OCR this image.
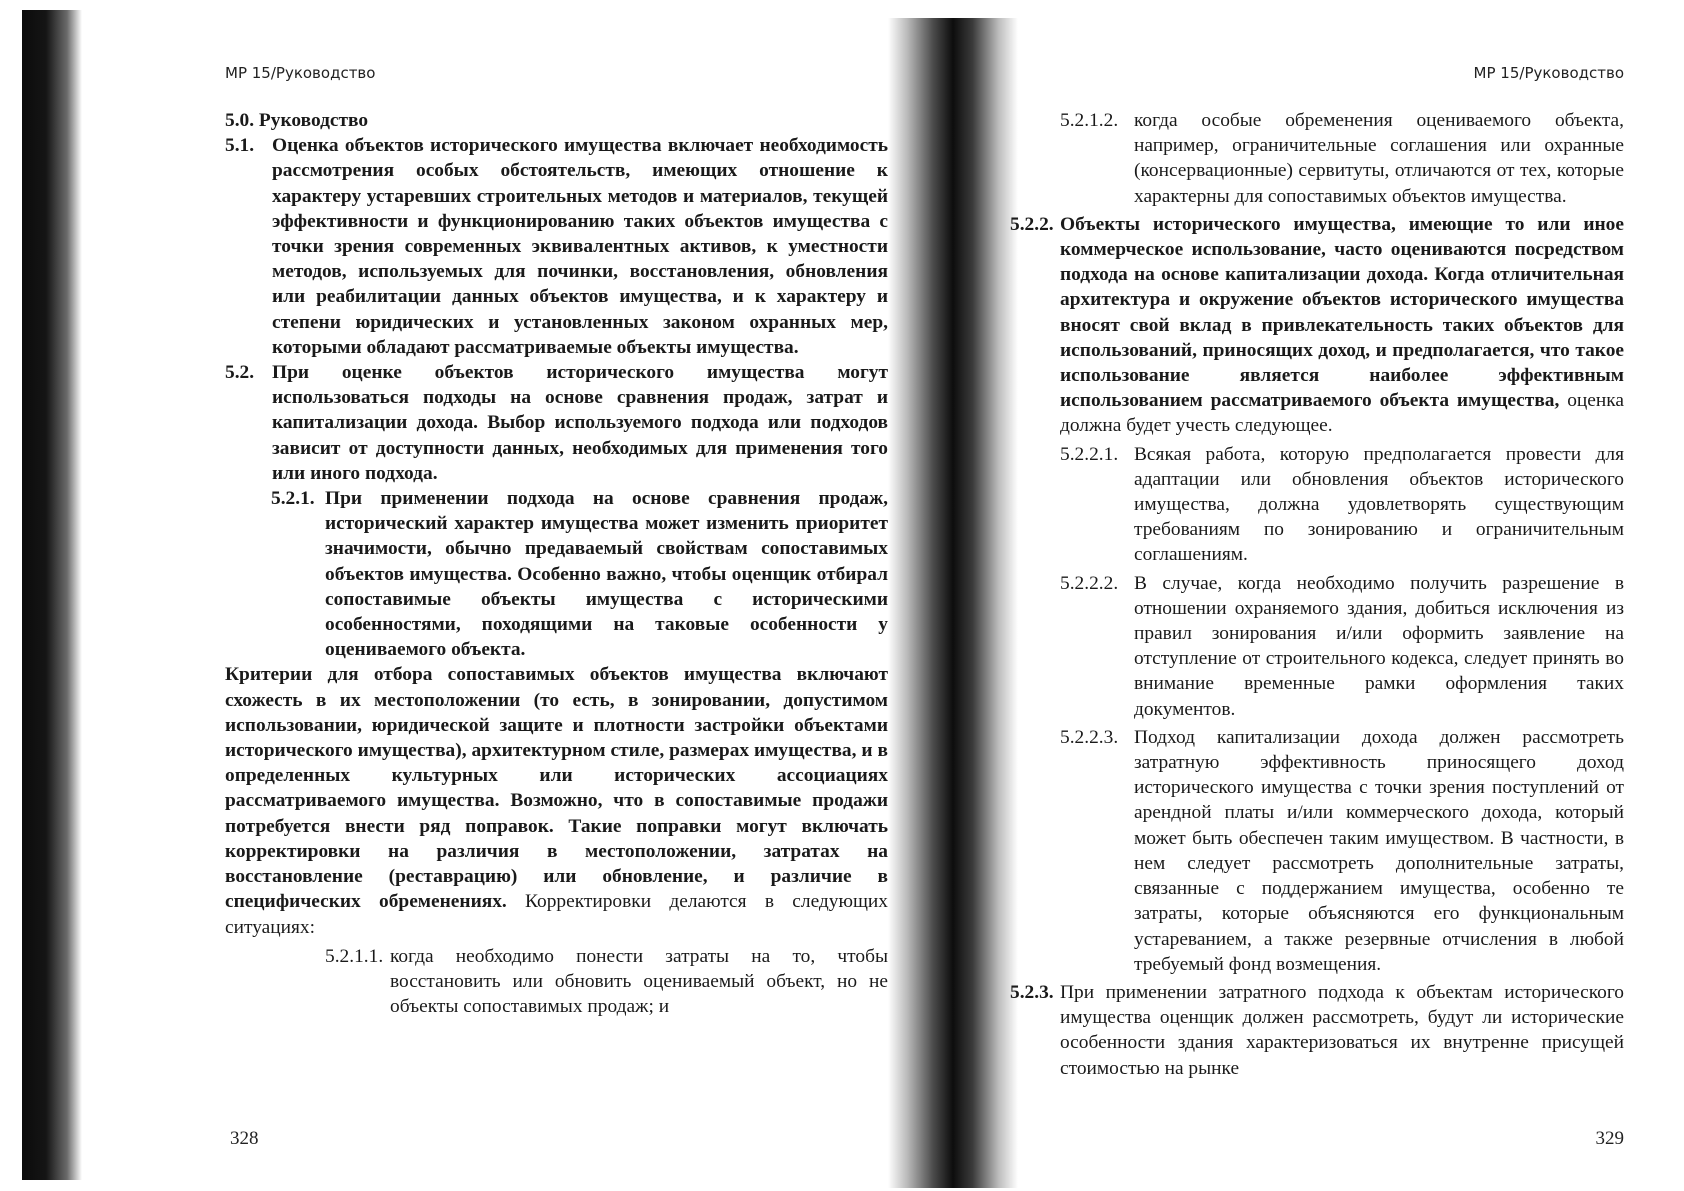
МР 15/Руководство

5.0. Руководство

5.1. Оценка объектов исторического имущества включает необходимость рассмотрения особых обстоятельств, имеющих отношение к характеру устаревших строительных методов и материалов, текущей эффективности и функционированию таких объектов имущества с точки зрения современных эквивалентных активов, к уместности методов, используемых для починки, восстановления, обновления или реабилитации данных объектов имущества, и к характеру и степени юридических и установленных законом охранных мер, которыми обладают рассматриваемые объекты имущества.
5.2. При оценке объектов исторического имущества могут использоваться подходы на основе сравнения продаж, затрат и капитализации дохода. Выбор используемого подхода или подходов зависит от доступности данных, необходимых для применения того или иного подхода.
5.2.1. При применении подхода на основе сравнения продаж, исторический характер имущества может изменить приоритет значимости, обычно предаваемый свойствам сопоставимых объектов имущества. Особенно важно, чтобы оценщик отбирал сопоставимые объекты имущества с историческими особенностями, походящими на таковые особенности у оцениваемого объекта.

Критерии для отбора сопоставимых объектов имущества включают схожесть в их местоположении (то есть, в зонировании, допустимом использовании, юридической защите и плотности застройки объектами исторического имущества), архитектурном стиле, размерах имущества, и в определенных культурных или исторических ассоциациях рассматриваемого имущества. Возможно, что в сопоставимые продажи потребуется внести ряд поправок. Такие поправки могут включать корректировки на различия в местоположении, затратах на восстановление (реставрацию) или обновление, и различие в специфических обременениях. Корректировки делаются в следующих ситуациях:

5.2.1.1. когда необходимо понести затраты на то, чтобы восстановить или обновить оцениваемый объект, но не объекты сопоставимых продаж; и
328
МР 15/Руководство
5.2.1.2. когда особые обременения оцениваемого объекта, например, ограничительные соглашения или охранные (консервационные) сервитуты, отличаются от тех, которые характерны для сопоставимых объектов имущества.
5.2.2. Объекты исторического имущества, имеющие то или иное коммерческое использование, часто оцениваются посредством подхода на основе капитализации дохода. Когда отличительная архитектура и окружение объектов исторического имущества вносят свой вклад в привлекательность таких объектов для использований, приносящих доход, и предполагается, что такое использование является наиболее эффективным использованием рассматриваемого объекта имущества, оценка должна будет учесть следующее.
5.2.2.1. Всякая работа, которую предполагается провести для адаптации или обновления объектов исторического имущества, должна удовлетворять существующим требованиям по зонированию и ограничительным соглашениям.
5.2.2.2. В случае, когда необходимо получить разрешение в отношении охраняемого здания, добиться исключения из правил зонирования и/или оформить заявление на отступление от строительного кодекса, следует принять во внимание временные рамки оформления таких документов.
5.2.2.3. Подход капитализации дохода должен рассмотреть затратную эффективность приносящего доход исторического имущества с точки зрения поступлений от арендной платы и/или коммерческого дохода, который может быть обеспечен таким имуществом. В частности, в нем следует рассмотреть дополнительные затраты, связанные с поддержанием имущества, особенно те затраты, которые объясняются его функциональным устареванием, а также резервные отчисления в любой требуемый фонд возмещения.
5.2.3. При применении затратного подхода к объектам исторического имущества оценщик должен рассмотреть, будут ли исторические особенности здания характеризоваться их внутренне присущей стоимостью на рынке
329
